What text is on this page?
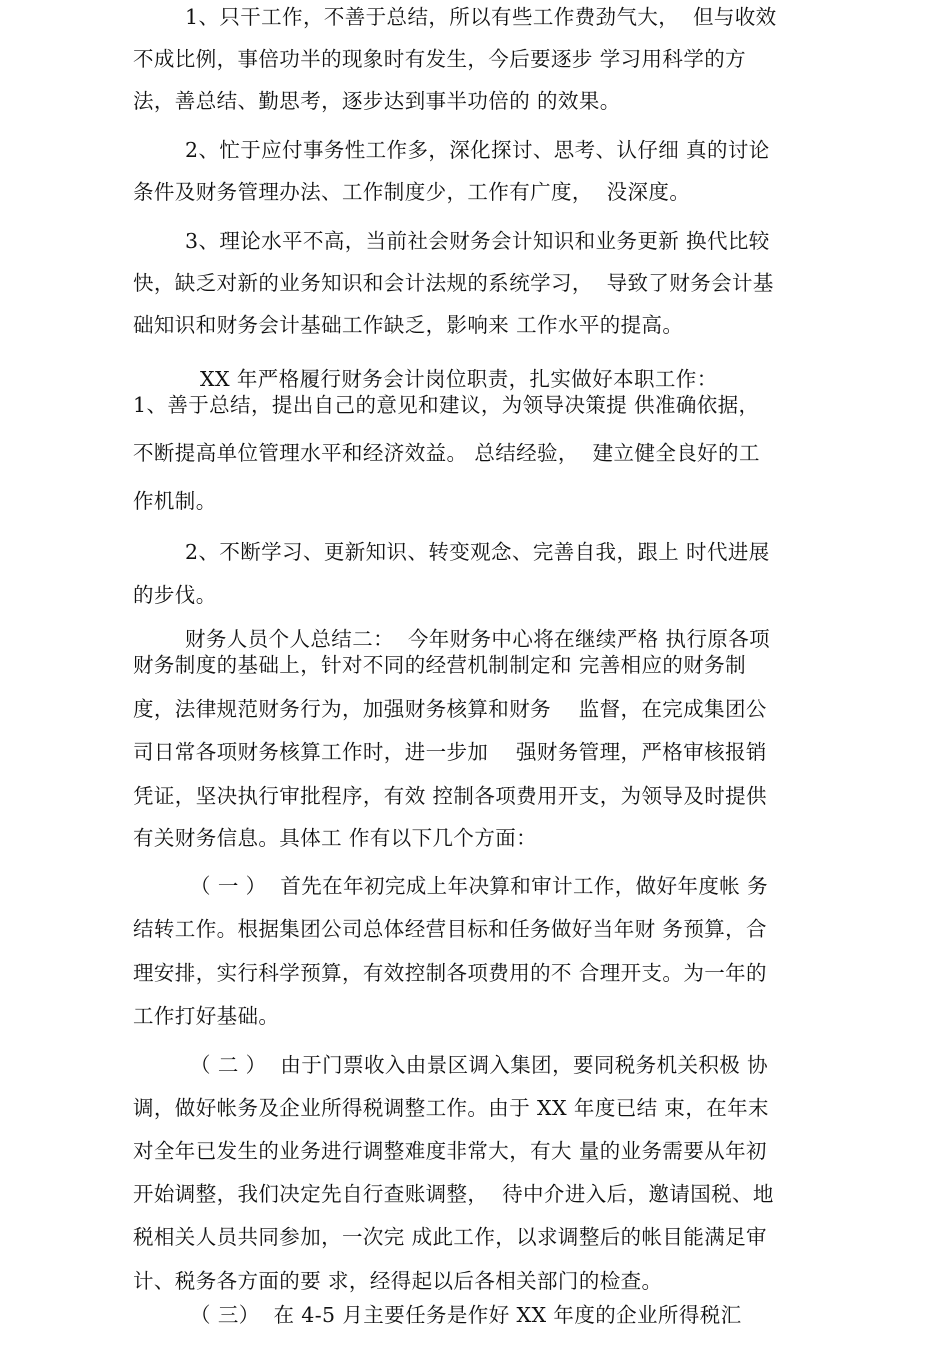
1、只干工作，不善于总结，所以有些工作费劲气大，  但与收效
不成比例，事倍功半的现象时有发生，今后要逐步 学习用科学的方
法，善总结、勤思考，逐步达到事半功倍的 的效果。
2、忙于应付事务性工作多，深化探讨、思考、认仔细 真的讨论
条件及财务管理办法、工作制度少，工作有广度，  没深度。
3、理论水平不高，当前社会财务会计知识和业务更新 换代比较
快，缺乏对新的业务知识和会计法规的系统学习，  导致了财务会计基
础知识和财务会计基础工作缺乏，影响来 工作水平的提高。
XX 年严格履行财务会计岗位职责，扎实做好本职工作：
1、善于总结，提出自己的意见和建议，为领导决策提 供准确依据，
不断提高单位管理水平和经济效益。 总结经验，  建立健全良好的工
作机制。
2、不断学习、更新知识、转变观念、完善自我，跟上 时代进展
的步伐。
财务人员个人总结二：  今年财务中心将在继续严格 执行原各项
财务制度的基础上，针对不同的经营机制制定和 完善相应的财务制
度，法律规范财务行为，加强财务核算和财务    监督，在完成集团公
司日常各项财务核算工作时，进一步加    强财务管理，严格审核报销
凭证，坚决执行审批程序，有效 控制各项费用开支，为领导及时提供
有关财务信息。具体工 作有以下几个方面：
（ 一 ）  首先在年初完成上年决算和审计工作，做好年度帐 务
结转工作。根据集团公司总体经营目标和任务做好当年财 务预算，合
理安排，实行科学预算，有效控制各项费用的不 合理开支。为一年的
工作打好基础。
（ 二 ）  由于门票收入由景区调入集团，要同税务机关积极 协
调，做好帐务及企业所得税调整工作。由于 XX 年度已结 束，在年末
对全年已发生的业务进行调整难度非常大，有大 量的业务需要从年初
开始调整，我们决定先自行查账调整，  待中介进入后，邀请国税、地
税相关人员共同参加，一次完 成此工作，以求调整后的帐目能满足审
计、税务各方面的要 求，经得起以后各相关部门的检查。
（ 三）  在 4-5 月主要任务是作好 XX 年度的企业所得税汇
